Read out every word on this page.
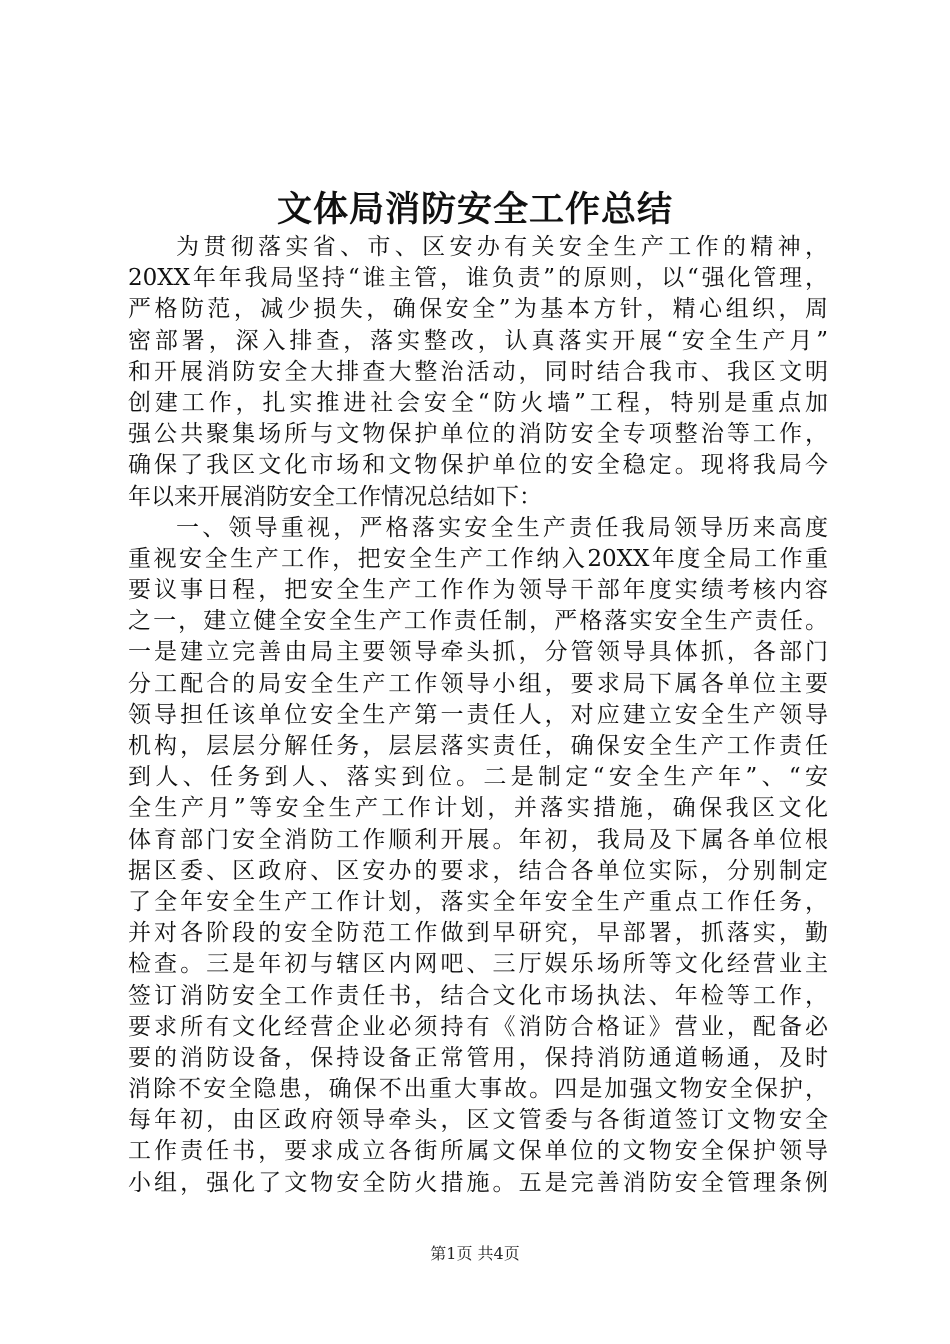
文体局消防安全工作总结
为贯彻落实省、市、区安办有关安全生产工作的精神，
20XX年年我局坚持“谁主管，谁负责”的原则，以“强化管理，
严格防范，减少损失，确保安全”为基本方针，精心组织，周
密部署，深入排查，落实整改，认真落实开展“安全生产月”
和开展消防安全大排查大整治活动，同时结合我市、我区文明
创建工作，扎实推进社会安全“防火墙”工程，特别是重点加
强公共聚集场所与文物保护单位的消防安全专项整治等工作，
确保了我区文化市场和文物保护单位的安全稳定。现将我局今
年以来开展消防安全工作情况总结如下：
一、领导重视，严格落实安全生产责任我局领导历来高度
重视安全生产工作，把安全生产工作纳入20XX年度全局工作重
要议事日程，把安全生产工作作为领导干部年度实绩考核内容
之一，建立健全安全生产工作责任制，严格落实安全生产责任。
一是建立完善由局主要领导牵头抓，分管领导具体抓，各部门
分工配合的局安全生产工作领导小组，要求局下属各单位主要
领导担任该单位安全生产第一责任人，对应建立安全生产领导
机构，层层分解任务，层层落实责任，确保安全生产工作责任
到人、任务到人、落实到位。二是制定“安全生产年”、“安
全生产月”等安全生产工作计划，并落实措施，确保我区文化
体育部门安全消防工作顺利开展。年初，我局及下属各单位根
据区委、区政府、区安办的要求，结合各单位实际，分别制定
了全年安全生产工作计划，落实全年安全生产重点工作任务，
并对各阶段的安全防范工作做到早研究，早部署，抓落实，勤
检查。三是年初与辖区内网吧、三厅娱乐场所等文化经营业主
签订消防安全工作责任书，结合文化市场执法、年检等工作，
要求所有文化经营企业必须持有《消防合格证》营业，配备必
要的消防设备，保持设备正常管用，保持消防通道畅通，及时
消除不安全隐患，确保不出重大事故。四是加强文物安全保护，
每年初，由区政府领导牵头，区文管委与各街道签订文物安全
工作责任书，要求成立各街所属文保单位的文物安全保护领导
小组，强化了文物安全防火措施。五是完善消防安全管理条例
第1页 共4页
